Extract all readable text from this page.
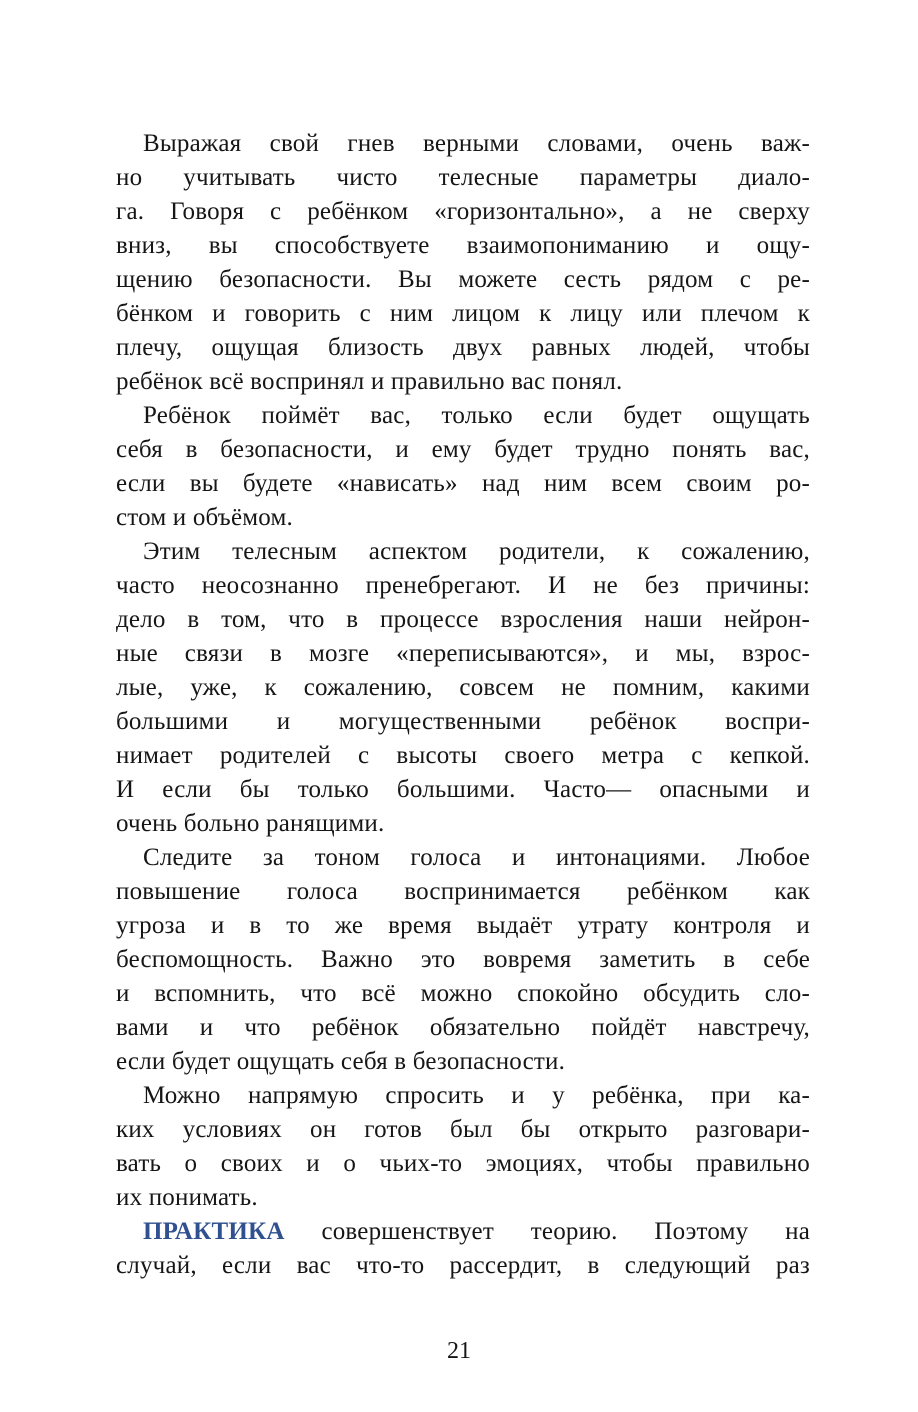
Выражая свой гнев верными словами, очень важ-
но учитывать чисто телесные параметры диало-
га. Говоря с ребёнком «горизонтально», а не сверху
вниз, вы способствуете взаимопониманию и ощу-
щению безопасности. Вы можете сесть рядом с ре-
бёнком и говорить с ним лицом к лицу или плечом к
плечу, ощущая близость двух равных людей, чтобы
ребёнок всё воспринял и правильно вас понял.
Ребёнок поймёт вас, только если будет ощущать
себя в безопасности, и ему будет трудно понять вас,
если вы будете «нависать» над ним всем своим ро-
стом и объёмом.
Этим телесным аспектом родители, к сожалению,
часто неосознанно пренебрегают. И не без причины:
дело в том, что в процессе взросления наши нейрон-
ные связи в мозге «переписываются», и мы, взрос-
лые, уже, к сожалению, совсем не помним, какими
большими и могущественными ребёнок воспри-
нимает родителей с высоты своего метра с кепкой.
И если бы только большими. Часто— опасными и
очень больно ранящими.
Следите за тоном голоса и интонациями. Любое
повышение голоса воспринимается ребёнком как
угроза и в то же время выдаёт утрату контроля и
беспомощность. Важно это вовремя заметить в себе
и вспомнить, что всё можно спокойно обсудить сло-
вами и что ребёнок обязательно пойдёт навстречу,
если будет ощущать себя в безопасности.
Можно напрямую спросить и у ребёнка, при ка-
ких условиях он готов был бы открыто разговари-
вать о своих и о чьих-то эмоциях, чтобы правильно
их понимать.
ПРАКТИКА совершенствует теорию. Поэтому на
случай, если вас что-то рассердит, в следующий раз
21
